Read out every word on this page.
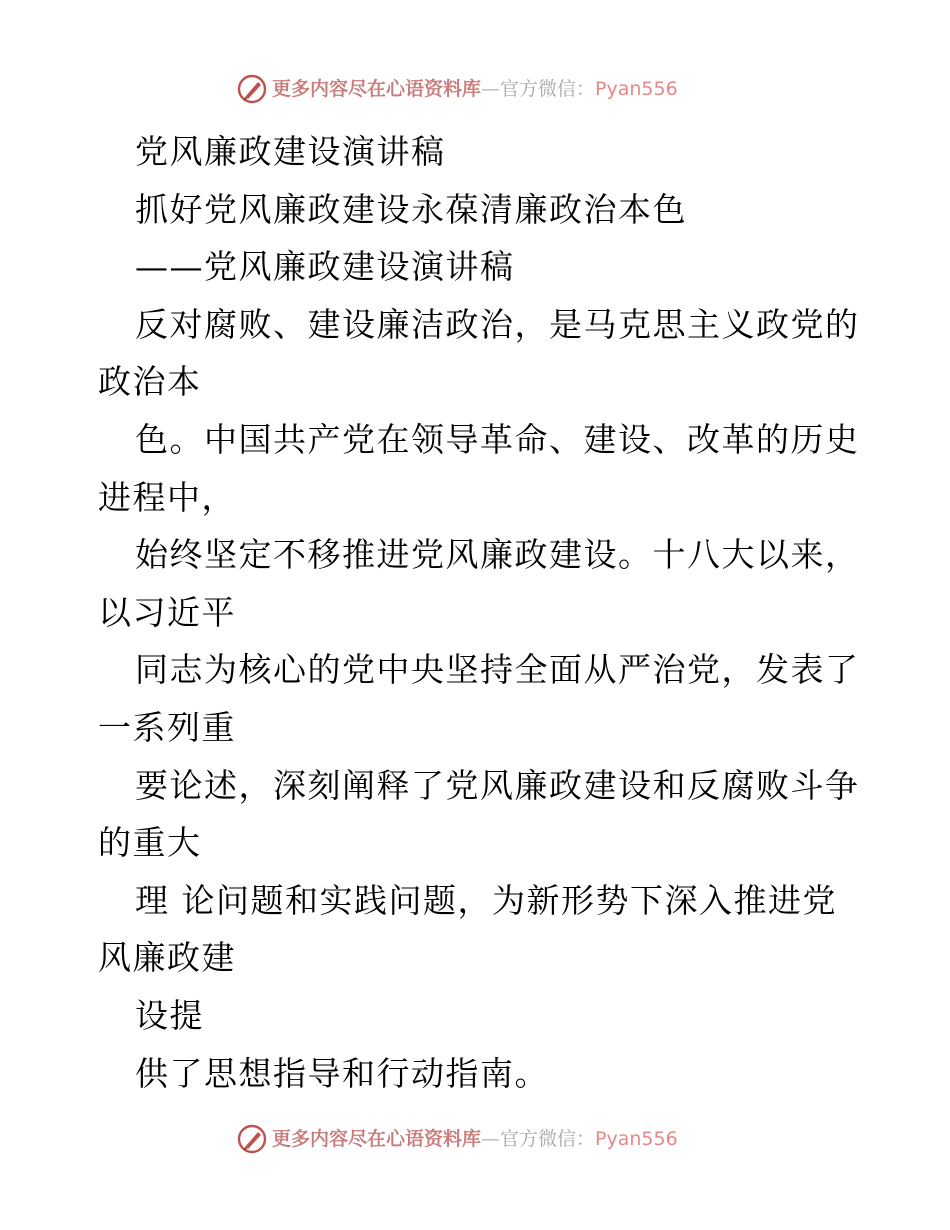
更多内容尽在心语资料库—官方微信：Pyan556
党风廉政建设演讲稿
抓好党风廉政建设永葆清廉政治本色
——党风廉政建设演讲稿
反对腐败、建设廉洁政治，是马克思主义政党的
政治本
色。中国共产党在领导革命、建设、改革的历史
进程中，
始终坚定不移推进党风廉政建设。十八大以来，
以习近平
同志为核心的党中央坚持全面从严治党，发表了
一系列重
要论述，深刻阐释了党风廉政建设和反腐败斗争
的重大
理 论问题和实践问题，为新形势下深入推进党
风廉政建
设提
供了思想指导和行动指南。
更多内容尽在心语资料库—官方微信：Pyan556
